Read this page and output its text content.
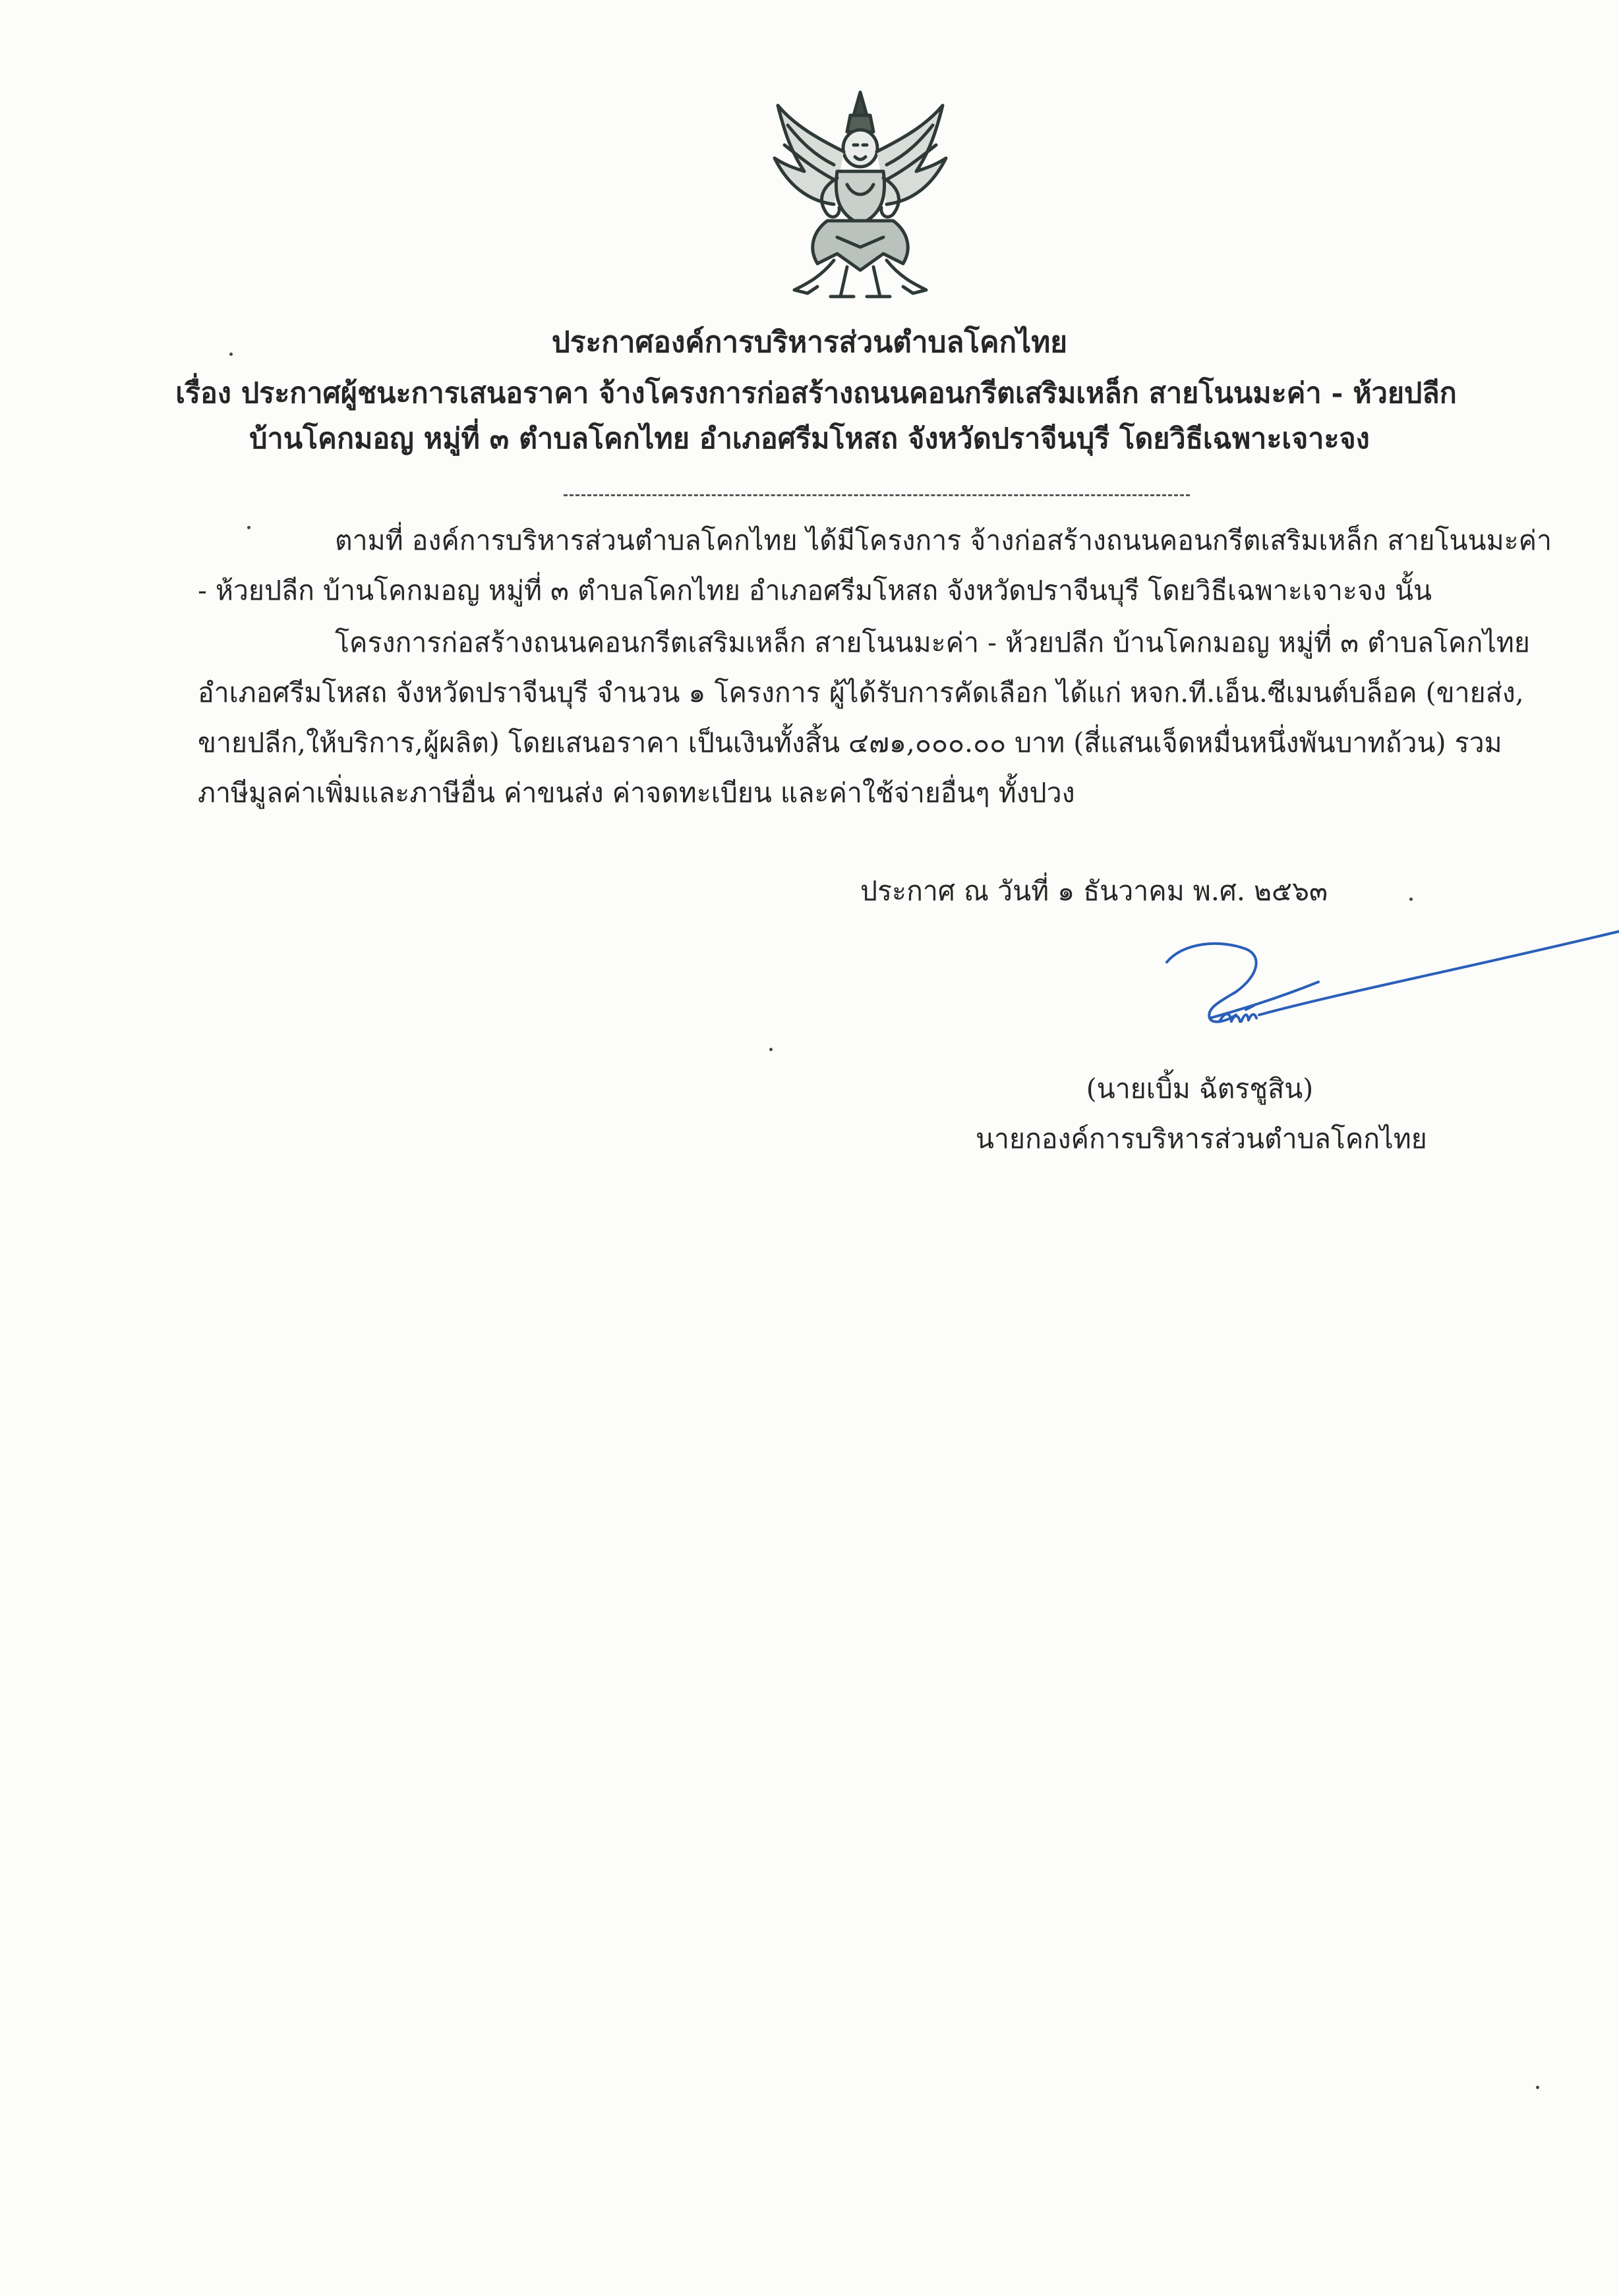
ประกาศองค์การบริหารส่วนตำบลโคกไทย
เรื่อง ประกาศผู้ชนะการเสนอราคา จ้างโครงการก่อสร้างถนนคอนกรีตเสริมเหล็ก สายโนนมะค่า - ห้วยปลีก
บ้านโคกมอญ หมู่ที่ ๓ ตำบลโคกไทย อำเภอศรีมโหสถ จังหวัดปราจีนบุรี โดยวิธีเฉพาะเจาะจง
ตามที่ องค์การบริหารส่วนตำบลโคกไทย ได้มีโครงการ จ้างก่อสร้างถนนคอนกรีตเสริมเหล็ก สายโนนมะค่า
- ห้วยปลีก บ้านโคกมอญ หมู่ที่ ๓ ตำบลโคกไทย อำเภอศรีมโหสถ จังหวัดปราจีนบุรี โดยวิธีเฉพาะเจาะจง นั้น
โครงการก่อสร้างถนนคอนกรีตเสริมเหล็ก สายโนนมะค่า - ห้วยปลีก บ้านโคกมอญ หมู่ที่ ๓ ตำบลโคกไทย
อำเภอศรีมโหสถ จังหวัดปราจีนบุรี จำนวน ๑ โครงการ ผู้ได้รับการคัดเลือก ได้แก่ หจก.ที.เอ็น.ซีเมนต์บล็อค (ขายส่ง,
ขายปลีก,ให้บริการ,ผู้ผลิต) โดยเสนอราคา เป็นเงินทั้งสิ้น ๔๗๑,๐๐๐.๐๐ บาท (สี่แสนเจ็ดหมื่นหนึ่งพันบาทถ้วน) รวม
ภาษีมูลค่าเพิ่มและภาษีอื่น ค่าขนส่ง ค่าจดทะเบียน และค่าใช้จ่ายอื่นๆ ทั้งปวง
ประกาศ ณ วันที่ ๑ ธันวาคม พ.ศ. ๒๕๖๓
(นายเบิ้ม ฉัตรชูสิน)
นายกองค์การบริหารส่วนตำบลโคกไทย
